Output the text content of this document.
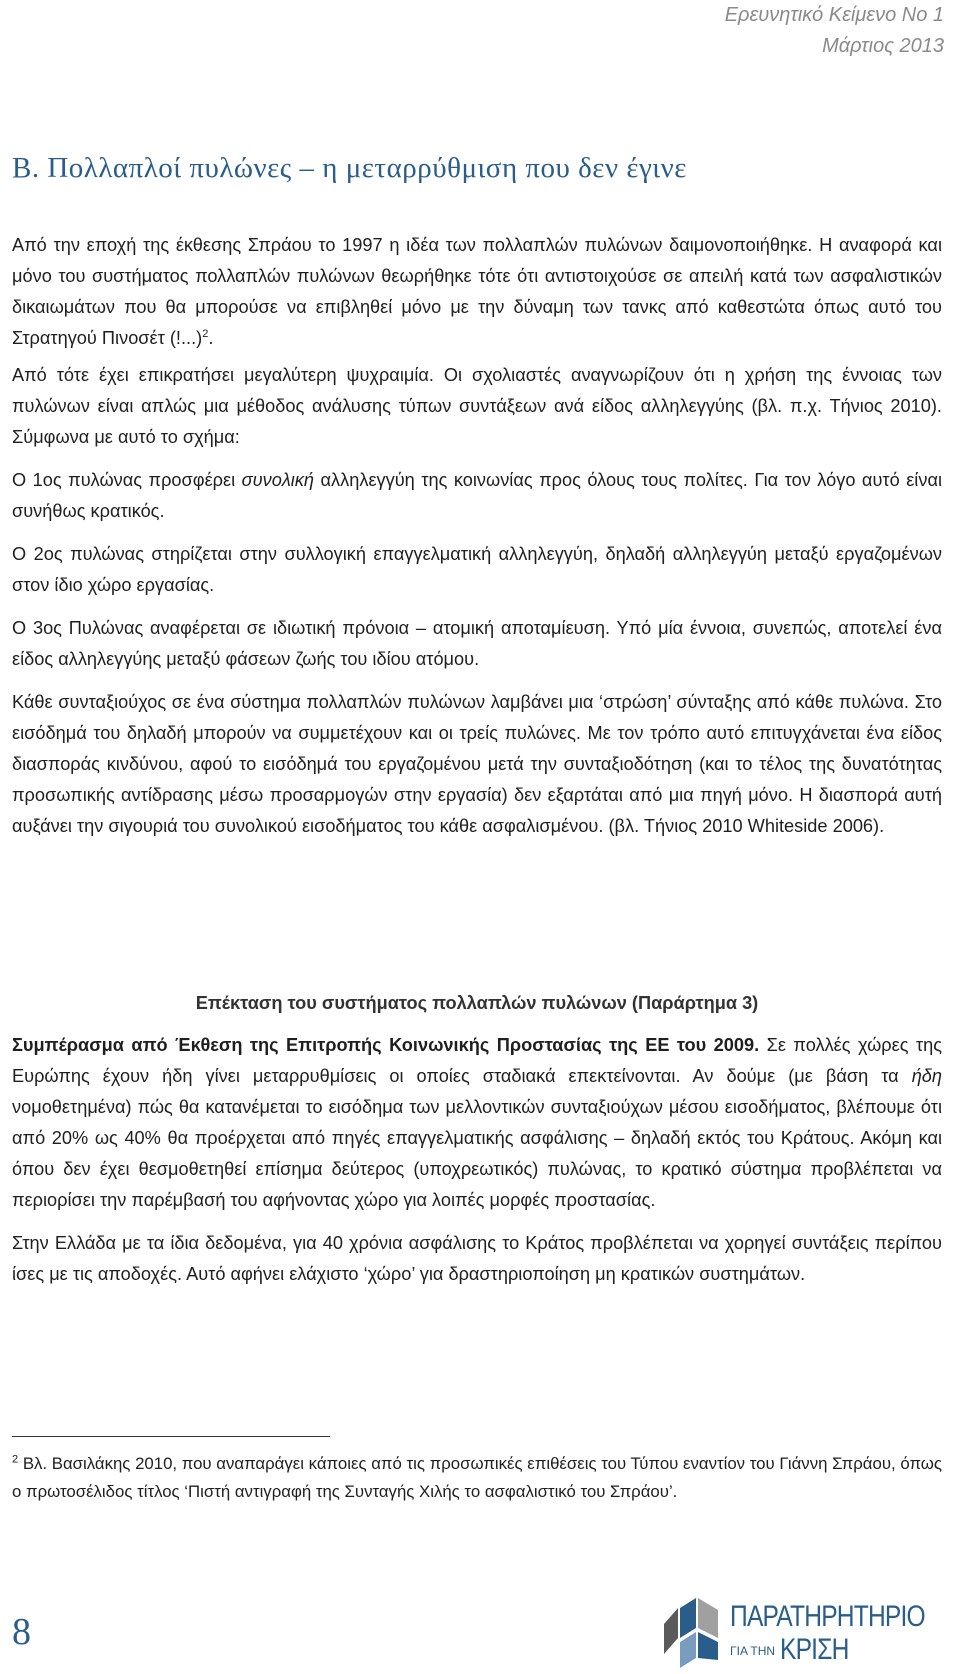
Ερευνητικό Κείμενο Νο 1
Μάρτιος 2013
Β. Πολλαπλοί πυλώνες – η μεταρρύθμιση που δεν έγινε

Από την εποχή της έκθεσης Σπράου το 1997 η ιδέα των πολλαπλών πυλώνων δαιμονοποιήθηκε. Η αναφορά και μόνο του συστήματος πολλαπλών πυλώνων θεωρήθηκε τότε ότι αντιστοιχούσε σε απειλή κατά των ασφαλιστικών δικαιωμάτων που θα μπορούσε να επιβληθεί μόνο με την δύναμη των τανκς από καθεστώτα όπως αυτό του Στρατηγού Πινοσέτ (!...)$^2$.

Από τότε έχει επικρατήσει μεγαλύτερη ψυχραιμία. Οι σχολιαστές αναγνωρίζουν ότι η χρήση της έννοιας των πυλώνων είναι απλώς μια μέθοδος ανάλυσης τύπων συντάξεων ανά είδος αλληλεγγύης (βλ. π.χ. Τήνιος 2010). Σύμφωνα με αυτό το σχήμα:

Ο 1ος πυλώνας προσφέρει συνολική αλληλεγγύη της κοινωνίας προς όλους τους πολίτες. Για τον λόγο αυτό είναι συνήθως κρατικός.

Ο 2ος πυλώνας στηρίζεται στην συλλογική επαγγελματική αλληλεγγύη, δηλαδή αλληλεγγύη μεταξύ εργαζομένων στον ίδιο χώρο εργασίας.

Ο 3ος Πυλώνας αναφέρεται σε ιδιωτική πρόνοια – ατομική αποταμίευση. Υπό μία έννοια, συνεπώς, αποτελεί ένα είδος αλληλεγγύης μεταξύ φάσεων ζωής του ιδίου ατόμου.

Κάθε συνταξιούχος σε ένα σύστημα πολλαπλών πυλώνων λαμβάνει μια ‘στρώση’ σύνταξης από κάθε πυλώνα. Στο εισόδημά του δηλαδή μπορούν να συμμετέχουν και οι τρείς πυλώνες. Με τον τρόπο αυτό επιτυγχάνεται ένα είδος διασποράς κινδύνου, αφού το εισόδημά του εργαζομένου μετά την συνταξιοδότηση (και το τέλος της δυνατότητας προσωπικής αντίδρασης μέσω προσαρμογών στην εργασία) δεν εξαρτάται από μια πηγή μόνο. Η διασπορά αυτή αυξάνει την σιγουριά του συνολικού εισοδήματος του κάθε ασφαλισμένου. (βλ. Τήνιος 2010 Whiteside 2006).

Επέκταση του συστήματος πολλαπλών πυλώνων (Παράρτημα 3)

Συμπέρασμα από Έκθεση της Επιτροπής Κοινωνικής Προστασίας της ΕΕ του 2009. Σε πολλές χώρες της Ευρώπης έχουν ήδη γίνει μεταρρυθμίσεις οι οποίες σταδιακά επεκτείνονται. Αν δούμε (με βάση τα ήδη νομοθετημένα) πώς θα κατανέμεται το εισόδημα των μελλοντικών συνταξιούχων μέσου εισοδήματος, βλέπουμε ότι από 20% ως 40% θα προέρχεται από πηγές επαγγελματικής ασφάλισης – δηλαδή εκτός του Κράτους. Ακόμη και όπου δεν έχει θεσμοθετηθεί επίσημα δεύτερος (υποχρεωτικός) πυλώνας, το κρατικό σύστημα προβλέπεται να περιορίσει την παρέμβασή του αφήνοντας χώρο για λοιπές μορφές προστασίας.

Στην Ελλάδα με τα ίδια δεδομένα, για 40 χρόνια ασφάλισης το Κράτος προβλέπεται να χορηγεί συντάξεις περίπου ίσες με τις αποδοχές. Αυτό αφήνει ελάχιστο ‘χώρο’ για δραστηριοποίηση μη κρατικών συστημάτων.

$^2$ Βλ. Βασιλάκης 2010, που αναπαράγει κάποιες από τις προσωπικές επιθέσεις του Τύπου εναντίον του Γιάννη Σπράου, όπως ο πρωτοσέλιδος τίτλος ‘Πιστή αντιγραφή της Συνταγής Χιλής το ασφαλιστικό του Σπράου’.
8	ΠΑΡΑΤΗΡΗΤΗΡΙΟ
ΓΙΑ ΤΗΝ ΚΡΙΣΗ
